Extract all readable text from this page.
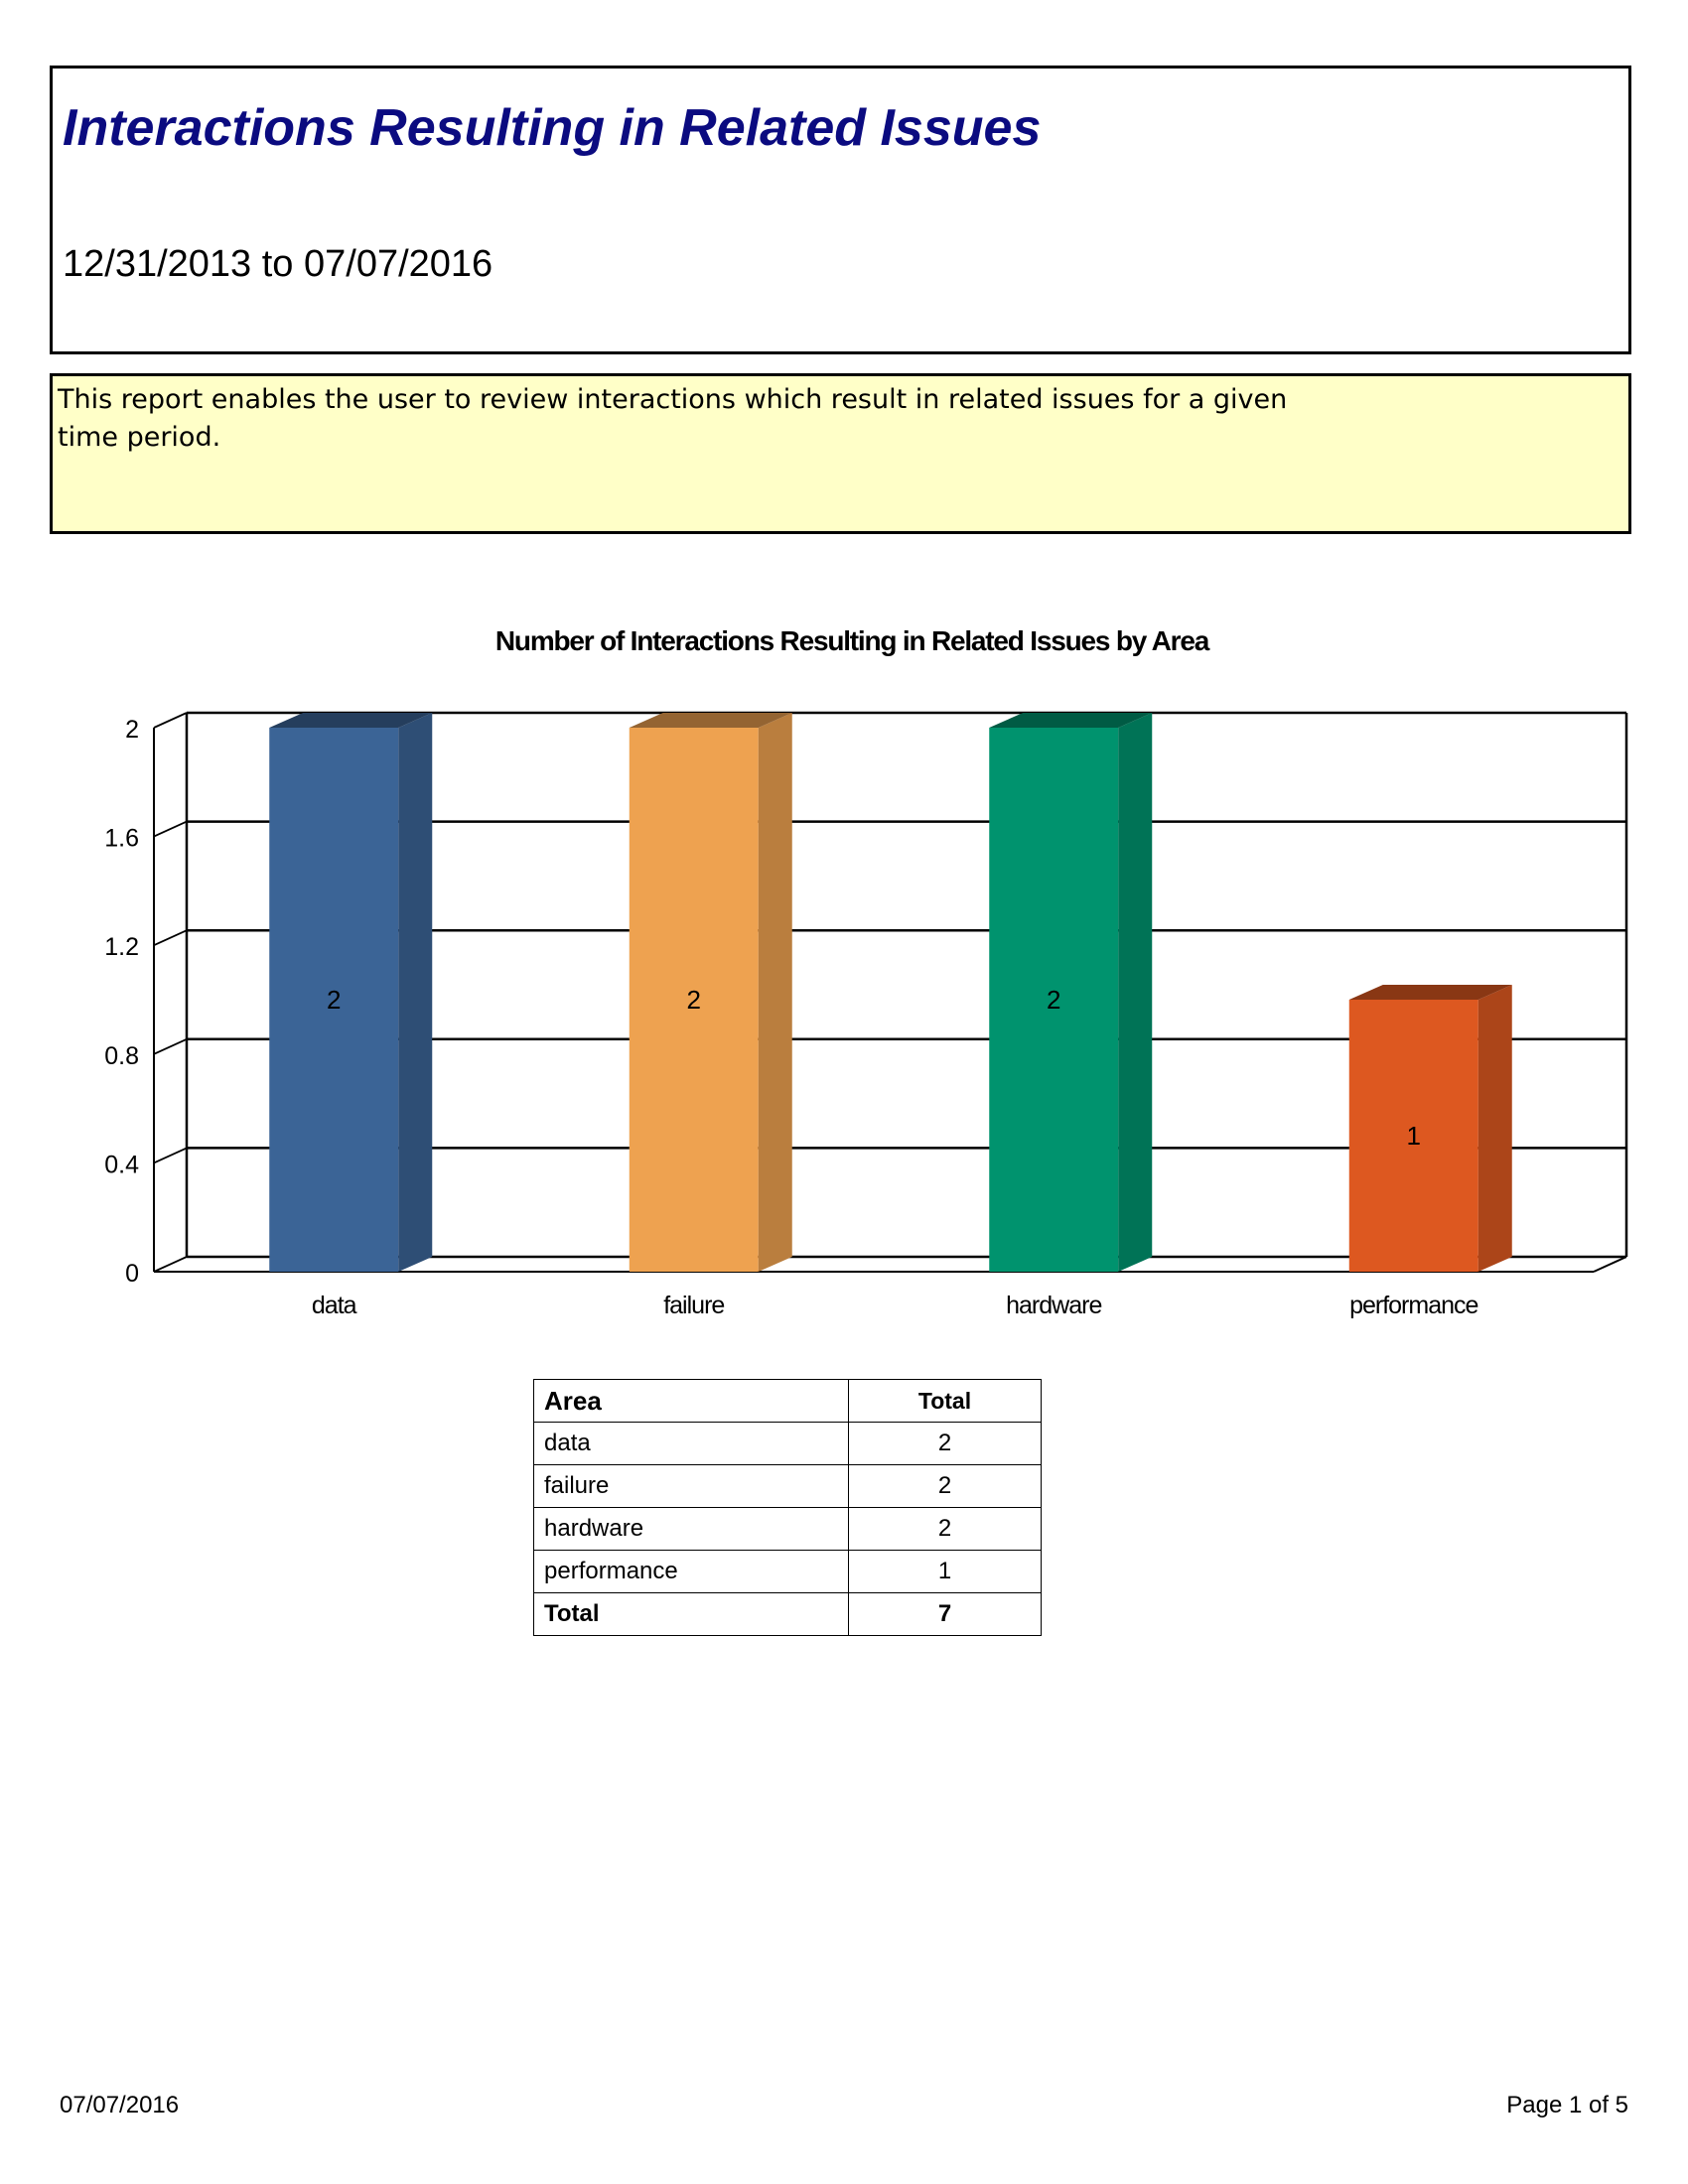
Interactions Resulting in Related Issues
12/31/2013 to 07/07/2016

This report enables the user to review interactions which result in related issues for a given time period.

Number of Interactions Resulting in Related Issues by Area
0
0.4
0.8
1.2
1.6
2
2
data
2
failure
2
hardware
1
performance
Area	Total
data	2
failure	2
hardware	2
performance	1
Total	7
07/07/2016	Page 1 of 5
